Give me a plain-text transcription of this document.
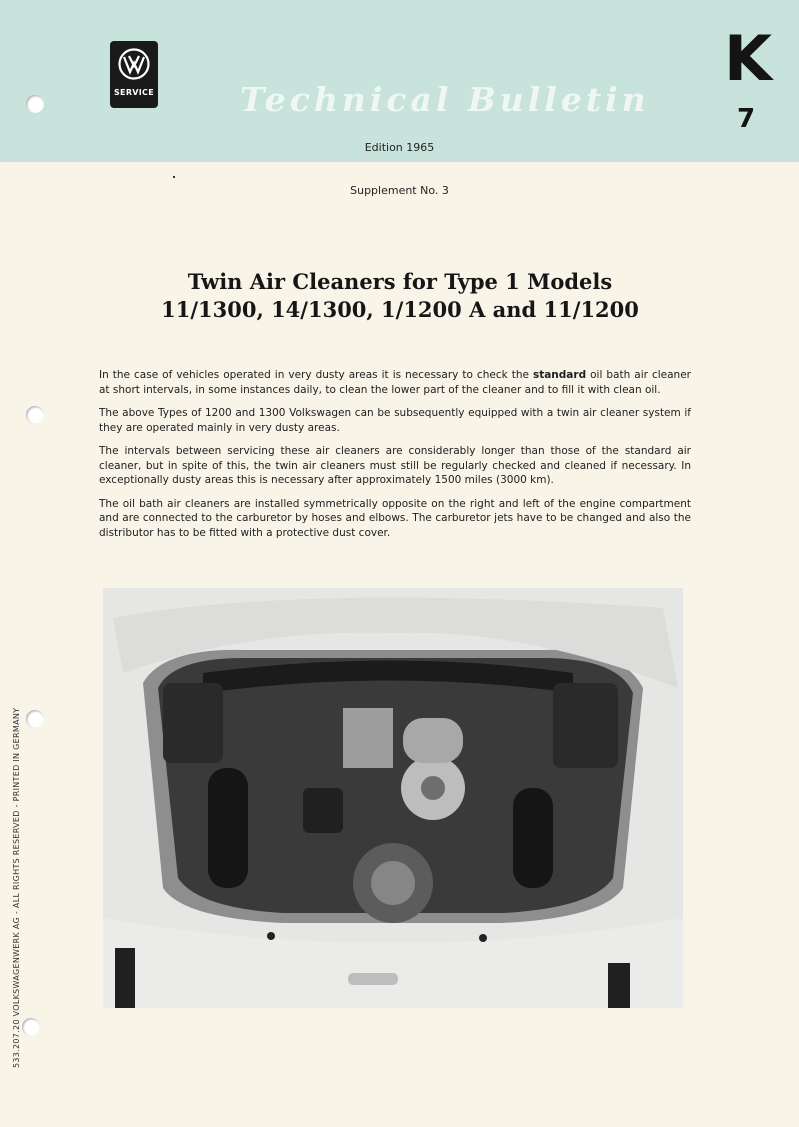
SERVICE	Technical Bulletin
K
7
Edition 1965
Supplement No. 3
Twin Air Cleaners for Type 1 Models
11/1300, 14/1300, 1/1200 A and 11/1200

In the case of vehicles operated in very dusty areas it is necessary to check the standard oil bath air cleaner at short intervals, in some instances daily, to clean the lower part of the cleaner and to fill it with clean oil.

The above Types of 1200 and 1300 Volkswagen can be subsequently equipped with a twin air cleaner system if they are operated mainly in very dusty areas.

The intervals between servicing these air cleaners are considerably longer than those of the standard air cleaner, but in spite of this, the twin air cleaners must still be regularly checked and cleaned if necessary. In exceptionally dusty areas this is necessary after approximately 1500 miles (3000 km).

The oil bath air cleaners are installed symmetrically opposite on the right and left of the engine compartment and are connected to the carburetor by hoses and elbows. The carburetor jets have to be changed and also the distributor has to be fitted with a protective dust cover.

533.207.20 VOLKSWAGENWERK AG - ALL RIGHTS RESERVED - PRINTED IN GERMANY
